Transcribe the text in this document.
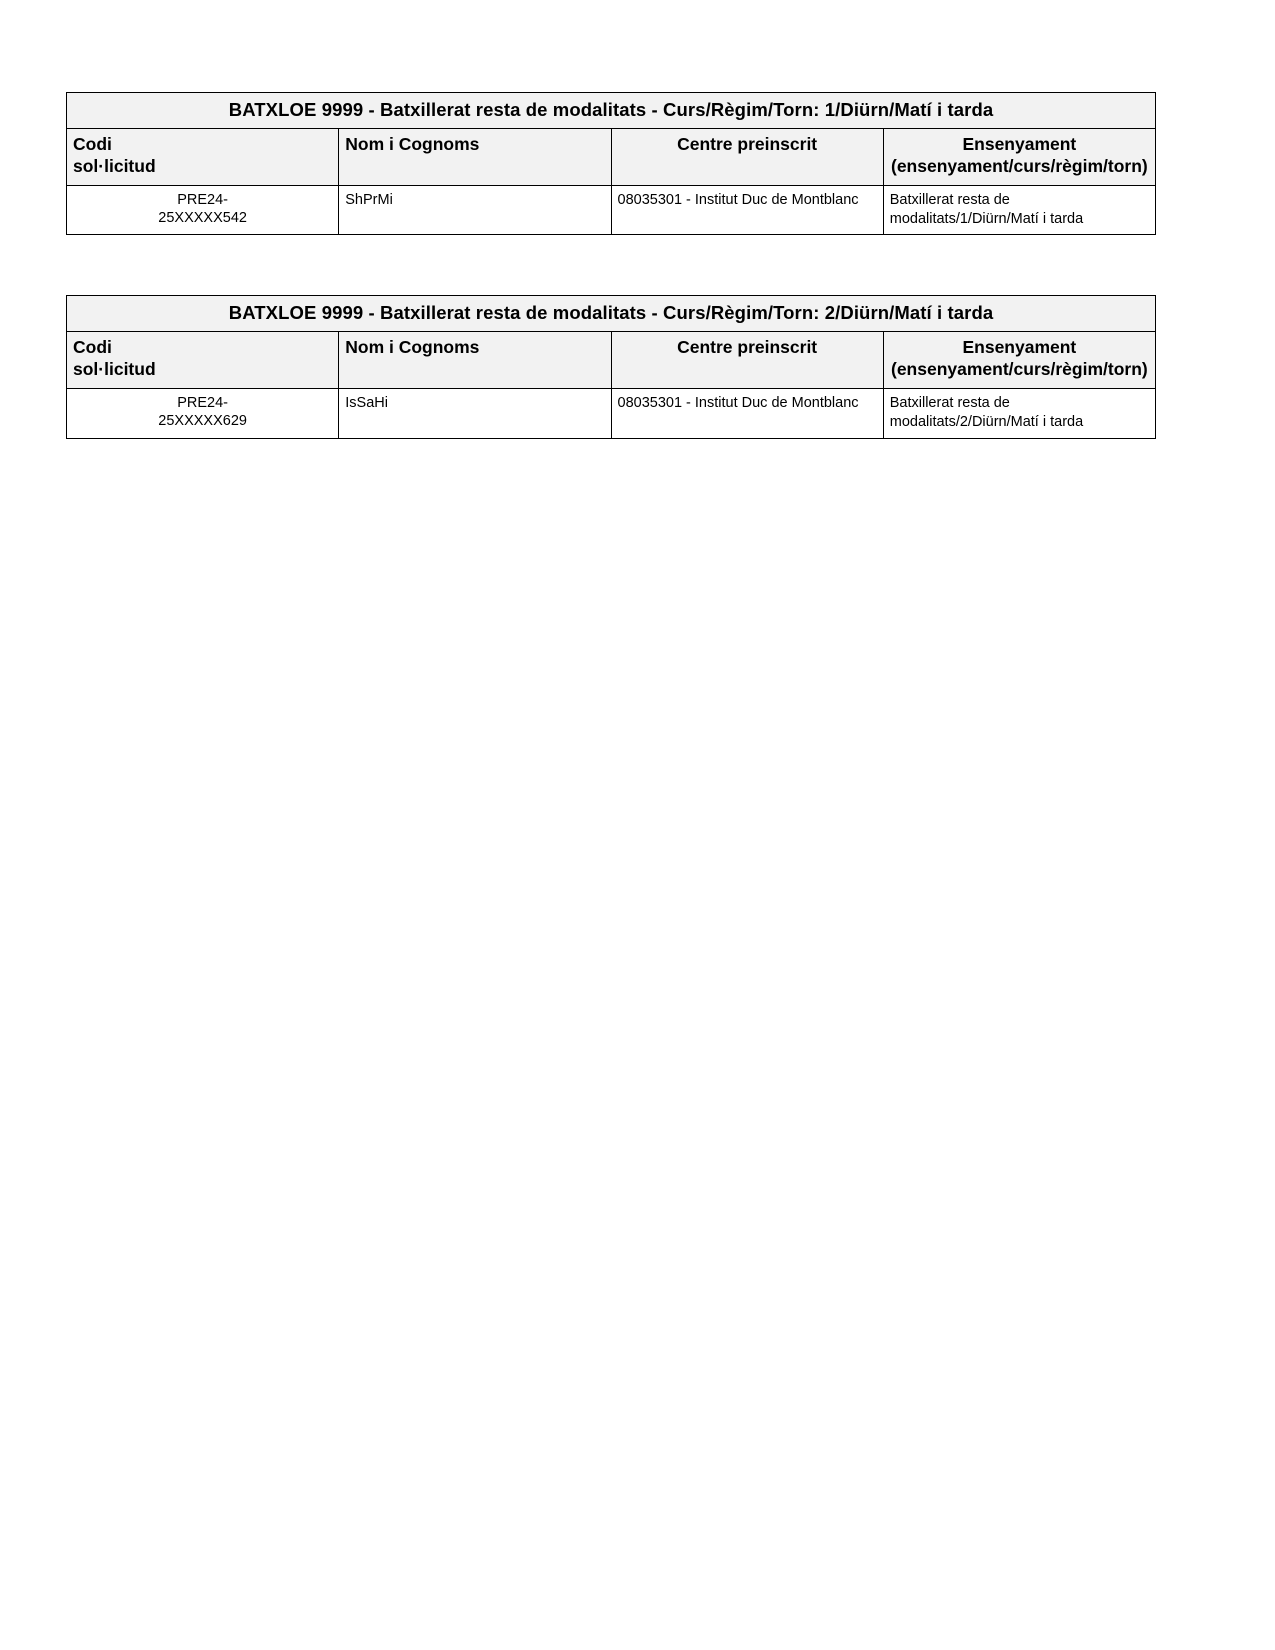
BATXLOE 9999 - Batxillerat resta de modalitats - Curs/Règim/Torn: 1/Diürn/Matí i tarda			
Codi
sol·licitud	Nom i Cognoms	Centre preinscrit	Ensenyament
(ensenyament/curs/règim/torn)

PRE24-
25XXXXX542	ShPrMi	08035301 - Institut Duc de Montblanc	Batxillerat resta de modalitats/1/Diürn/Matí i tarda
BATXLOE 9999 - Batxillerat resta de modalitats - Curs/Règim/Torn: 2/Diürn/Matí i tarda			
Codi
sol·licitud	Nom i Cognoms	Centre preinscrit	Ensenyament
(ensenyament/curs/règim/torn)

PRE24-
25XXXXX629	IsSaHi	08035301 - Institut Duc de Montblanc	Batxillerat resta de modalitats/2/Diürn/Matí i tarda
